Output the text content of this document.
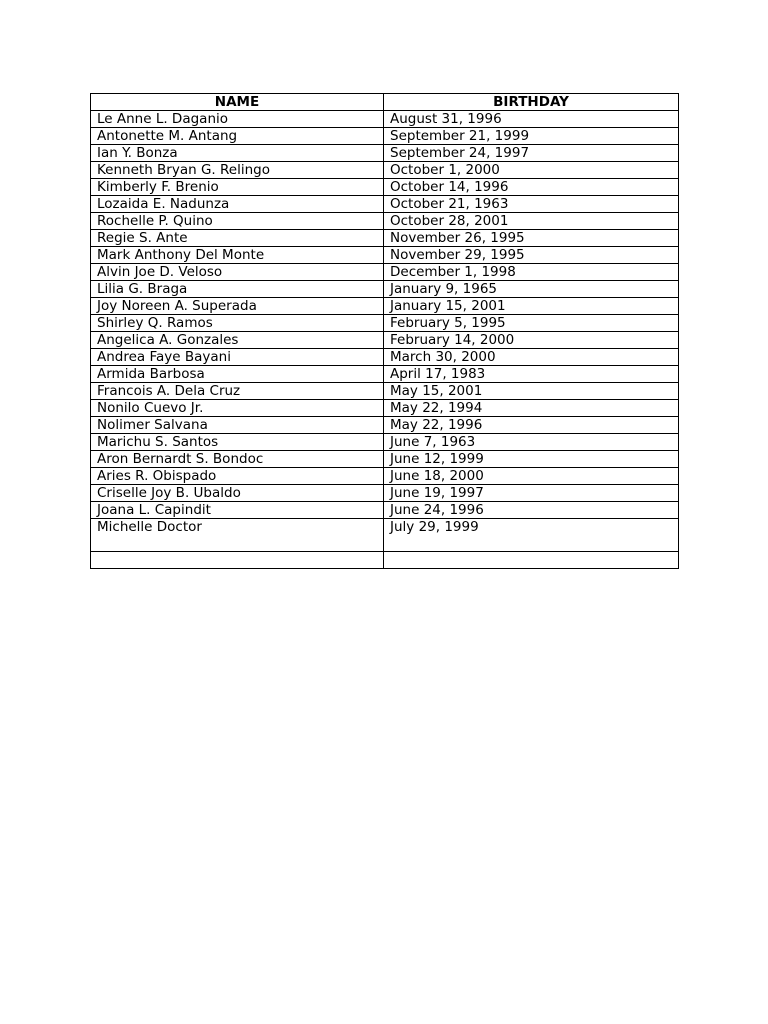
NAME	BIRTHDAY
Le Anne L. Daganio	August 31, 1996
Antonette M. Antang	September 21, 1999
Ian Y. Bonza	September 24, 1997
Kenneth Bryan G. Relingo	October 1, 2000
Kimberly F. Brenio	October 14, 1996
Lozaida E. Nadunza	October 21, 1963
Rochelle P. Quino	October 28, 2001
Regie S. Ante	November 26, 1995
Mark Anthony Del Monte	November 29, 1995
Alvin Joe D. Veloso	December 1, 1998
Lilia G. Braga	January 9, 1965
Joy Noreen A. Superada	January 15, 2001
Shirley Q. Ramos	February 5, 1995
Angelica A. Gonzales	February 14, 2000
Andrea Faye Bayani	March 30, 2000
Armida Barbosa	April 17, 1983
Francois A. Dela Cruz	May 15, 2001
Nonilo Cuevo Jr.	May 22, 1994
Nolimer Salvana	May 22, 1996
Marichu S. Santos	June 7, 1963
Aron Bernardt S. Bondoc	June 12, 1999
Aries R. Obispado	June 18, 2000
Criselle Joy B. Ubaldo	June 19, 1997
Joana L. Capindit	June 24, 1996
Michelle Doctor	July 29, 1999
